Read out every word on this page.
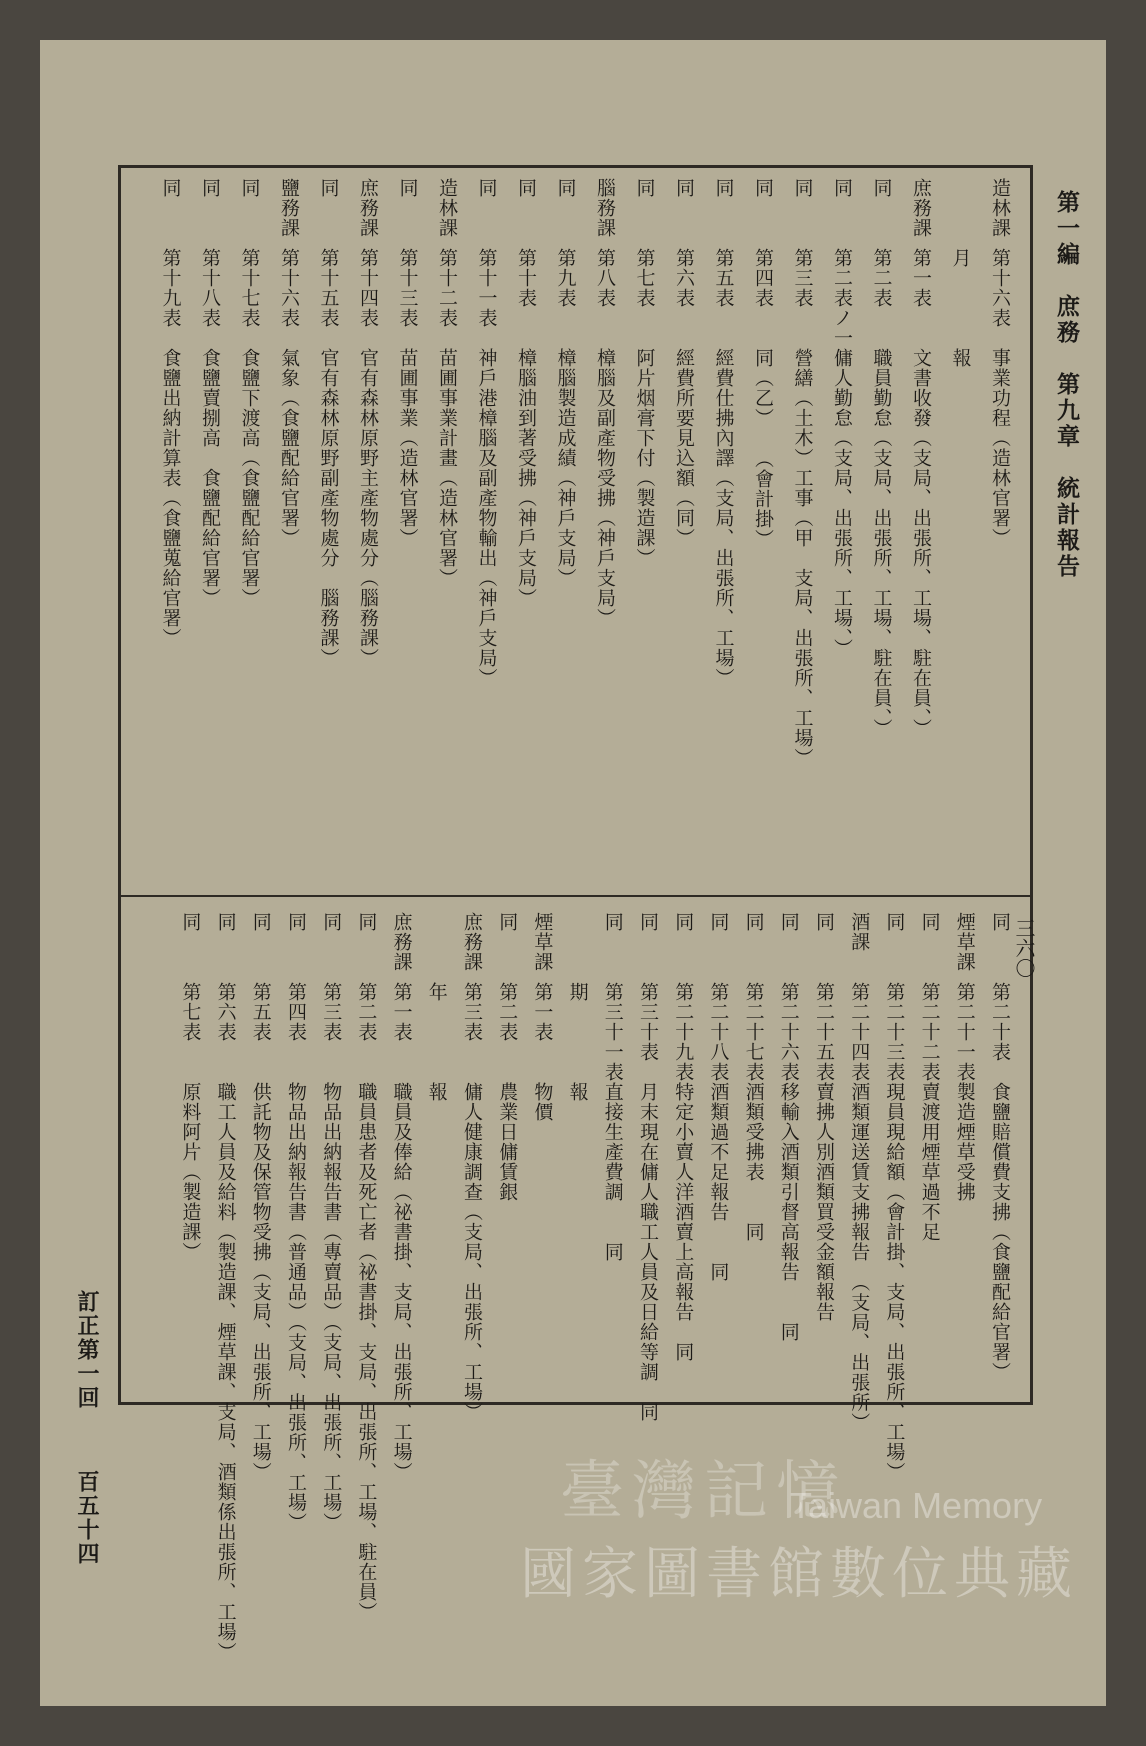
第一編　庶務　第九章　統計報告
三六〇
訂正第一回
百五十四	臺灣記憶
Taiwan Memory
國家圖書館數位典藏
造林課
第十六表
事業功程（造林官署）
月
報
庶務課
第一表
文書收發（支局、出張所、工場、駐在員、）
同
第二表
職員勤怠（支局、出張所、工場、駐在員、）
同
第二表ノ一
傭人勤怠（支局、出張所、工場、）
同
第三表
營繕（土木）工事（甲　支局、出張所、工場）
同
第四表
同（乙）　　（會計掛）
同
第五表
經費仕拂內譯（支局、出張所、工場）
同
第六表
經費所要見込額（同）
同
第七表
阿片烟膏下付（製造課）
腦務課
第八表
樟腦及副產物受拂（神戶支局）
同
第九表
樟腦製造成績（神戶支局）
同
第十表
樟腦油到著受拂（神戶支局）
同
第十一表
神戶港樟腦及副產物輸出（神戶支局）
造林課
第十二表
苗圃事業計畫（造林官署）
同
第十三表
苗圃事業（造林官署）
庶務課
第十四表
官有森林原野主產物處分（腦務課）
同
第十五表
官有森林原野副產物處分　腦務課）
鹽務課
第十六表
氣象（食鹽配給官署）
同
第十七表
食鹽下渡高（食鹽配給官署）
同
第十八表
食鹽賣捌高　食鹽配給官署）
同
第十九表
食鹽出納計算表（食鹽蒐給官署）
同
第二十表
食鹽賠償費支拂（食鹽配給官署）
煙草課
第二十一表
製造煙草受拂
同
第二十二表
賣渡用煙草過不足
同
第二十三表
現員現給額（會計掛、支局、出張所、工場）
酒課
第二十四表
酒類運送賃支拂報告　（支局、出張所）
同
第二十五表
賣拂人別酒類買受金額報告
同
第二十六表
移輸入酒類引督高報告　　同
同
第二十七表
酒類受拂表　　同
同
第二十八表
酒類過不足報告　　同
同
第二十九表
特定小賣人洋酒賣上高報告　同
同
第三十表
月末現在傭人職工人員及日給等調　同
同
第三十一表
直接生產費調　　同
期
報
煙草課
第一表
物價
同
第二表
農業日傭賃銀
庶務課
第三表
傭人健康調查（支局、出張所、工場）
年
報
庶務課
第一表
職員及俸給（祕書掛、支局、出張所、工場）
同
第二表
職員患者及死亡者（祕書掛、支局、出張所、工場、駐在員）
同
第三表
物品出納報告書（專賣品）（支局、出張所、工場）
同
第四表
物品出納報告書（普通品）（支局、出張所、工場）
同
第五表
供託物及保管物受拂（支局、出張所、工場）
同
第六表
職工人員及給料（製造課、煙草課、支局、酒類係出張所、工場）
同
第七表
原料阿片（製造課）
